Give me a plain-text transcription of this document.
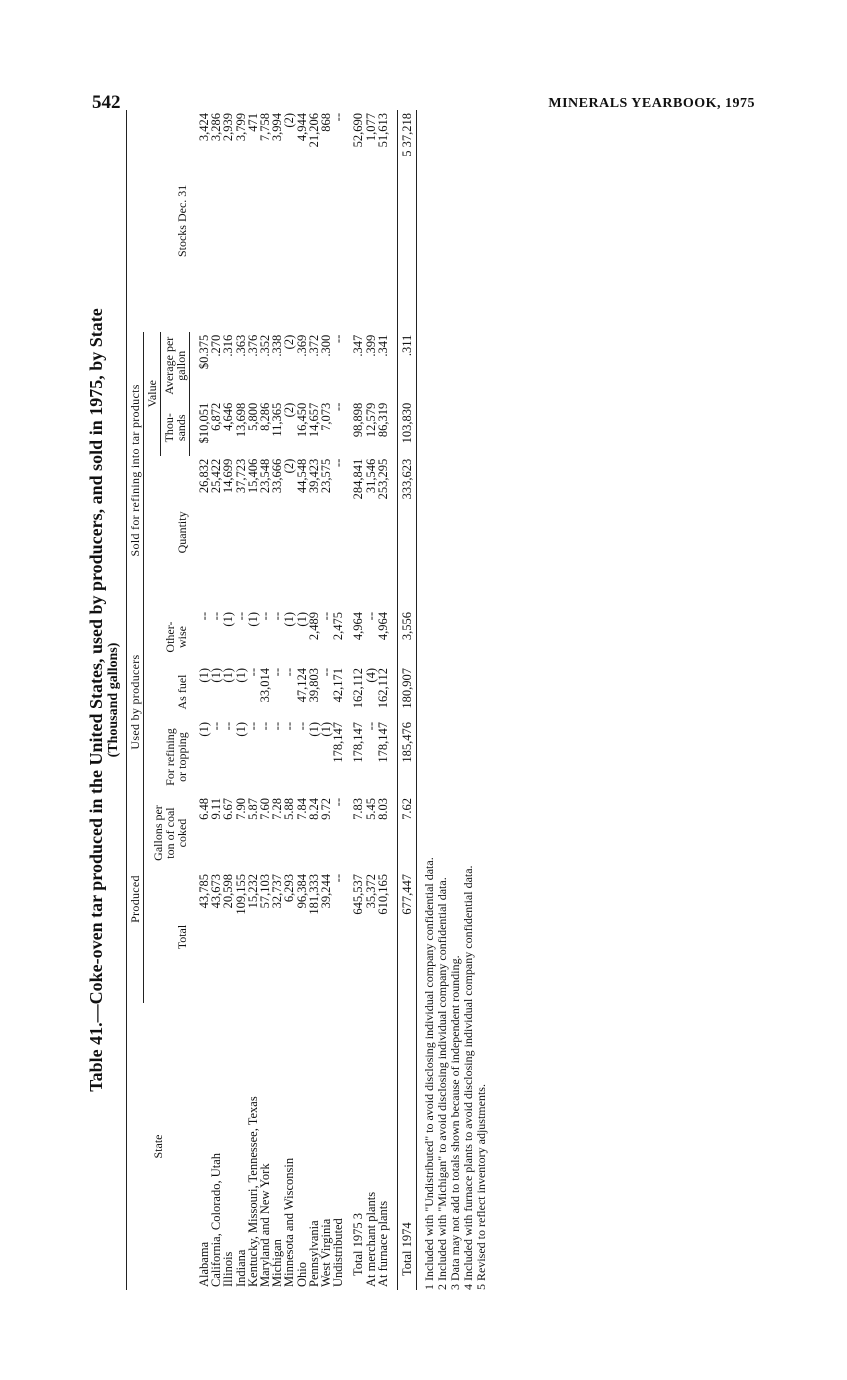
542	MINERALS YEARBOOK, 1975
Table 41.—Coke-oven tar produced in the United States, used by producers, and sold in 1975, by State (Thousand gallons)
State	Produced		Used by producers			Sold for refining into tar products			Stocks Dec. 31
	Total	Gallons per ton of coal coked	For refining or topping	As fuel	Other-wise	Quantity	Value		
							Thou-sands	Average per gallon	

Alabama	43,785	6.48	(1)	(1)	--	26,832	$10,051	$0.375	3,424
California, Colorado, Utah	43,673	9.11	--	(1)	--	25,422	6,872	.270	3,286
Illinois	20,598	6.67	--	(1)	(1)	14,699	4,646	.316	2,939
Indiana	109,155	7.90	(1)	(1)	--	37,723	13,698	.363	3,799
Kentucky, Missouri, Tennessee, Texas	15,232	5.87	--	--	(1)	15,406	5,800	.376	471
Maryland and New York	57,103	7.60	--	33,014	--	23,548	8,286	.352	7,758
Michigan	32,737	7.28	--	--	--	33,666	11,365	.338	3,994
Minnesota and Wisconsin	6,293	5.88	--	--	(1)	(2)	(2)	(2)	(2)
Ohio	96,384	7.84	--	47,124	(1)	44,548	16,450	.369	4,944
Pennsylvania	181,333	8.24	(1)	39,803	2,489	39,423	14,657	.372	21,206
West Virginia	39,244	9.72	(1)	--	--	23,575	7,073	.300	868
Undistributed	--	--	178,147	42,171	2,475	--	--	--	--

Total 1975 3	645,537	7.83	178,147	162,112	4,964	284,841	98,898	.347	52,690
At merchant plants	35,372	5.45	--	(4)	--	31,546	12,579	.399	1,077
At furnace plants	610,165	8.03	178,147	162,112	4,964	253,295	86,319	.341	51,613

Total 1974	677,447	7.62	185,476	180,907	3,556	333,623	103,830	.311	5 37,218
1 Included with "Undistributed" to avoid disclosing individual company confidential data. 2 Included with "Michigan" to avoid disclosing individual company confidential data. 3 Data may not add to totals shown because of independent rounding. 4 Included with furnace plants to avoid disclosing individual company confidential data. 5 Revised to reflect inventory adjustments.
